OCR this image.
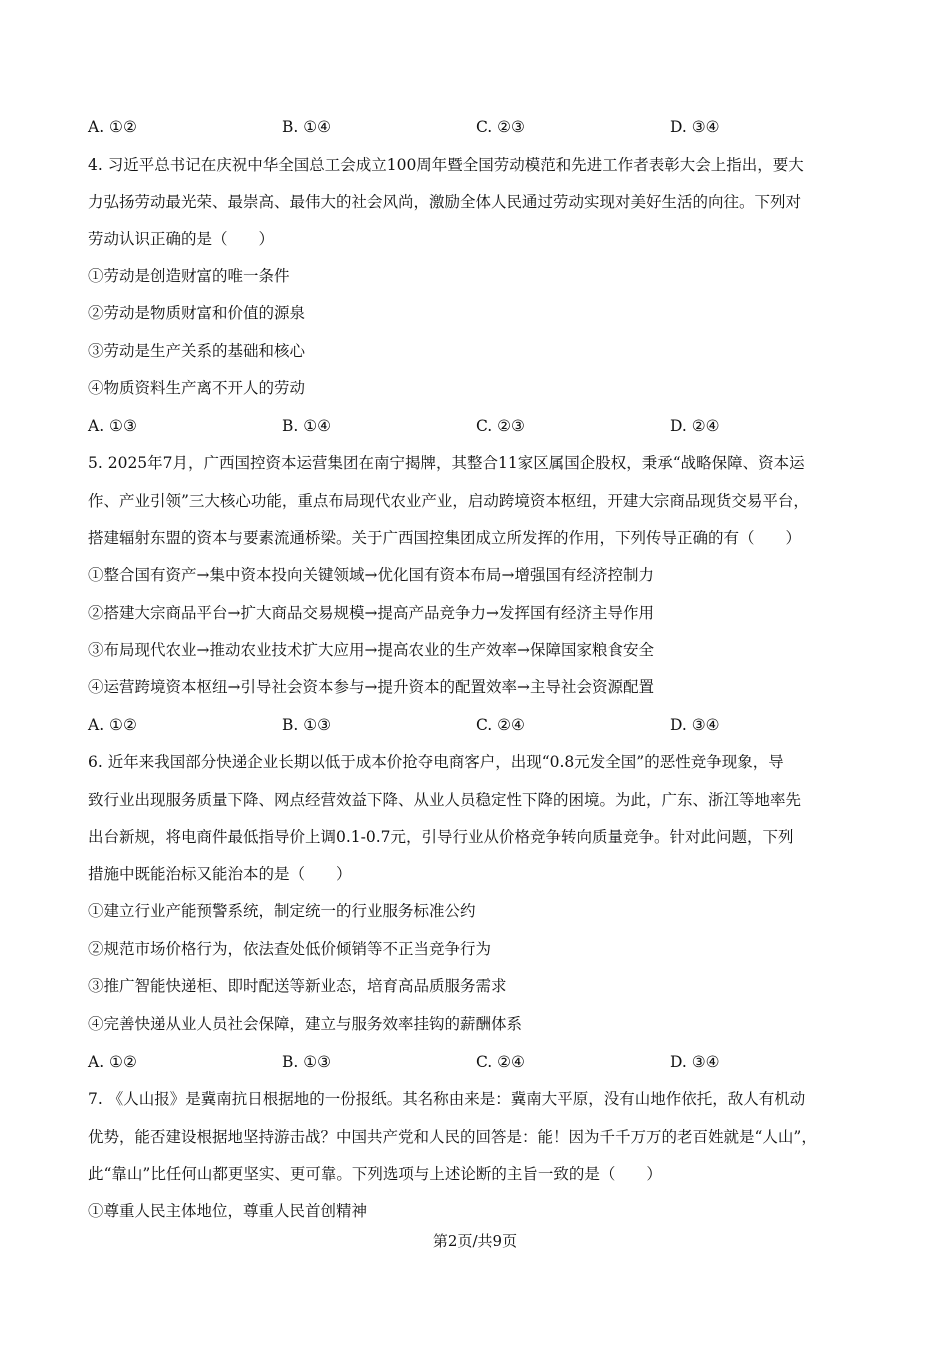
A. ①②	B. ①④	C. ②③	D. ③④
4. 习近平总书记在庆祝中华全国总工会成立100周年暨全国劳动模范和先进工作者表彰大会上指出，要大
力弘扬劳动最光荣、最崇高、最伟大的社会风尚，激励全体人民通过劳动实现对美好生活的向往。下列对
劳动认识正确的是（　　）
①劳动是创造财富的唯一条件
②劳动是物质财富和价值的源泉
③劳动是生产关系的基础和核心
④物质资料生产离不开人的劳动
A. ①③	B. ①④	C. ②③	D. ②④
5. 2025年7月，广西国控资本运营集团在南宁揭牌，其整合11家区属国企股权，秉承“战略保障、资本运
作、产业引领”三大核心功能，重点布局现代农业产业，启动跨境资本枢纽，开建大宗商品现货交易平台，
搭建辐射东盟的资本与要素流通桥梁。关于广西国控集团成立所发挥的作用，下列传导正确的有（　　）
①整合国有资产→集中资本投向关键领域→优化国有资本布局→增强国有经济控制力
②搭建大宗商品平台→扩大商品交易规模→提高产品竞争力→发挥国有经济主导作用
③布局现代农业→推动农业技术扩大应用→提高农业的生产效率→保障国家粮食安全
④运营跨境资本枢纽→引导社会资本参与→提升资本的配置效率→主导社会资源配置
A. ①②	B. ①③	C. ②④	D. ③④
6. 近年来我国部分快递企业长期以低于成本价抢夺电商客户，出现“0.8元发全国”的恶性竞争现象，导
致行业出现服务质量下降、网点经营效益下降、从业人员稳定性下降的困境。为此，广东、浙江等地率先
出台新规，将电商件最低指导价上调0.1-0.7元，引导行业从价格竞争转向质量竞争。针对此问题，下列
措施中既能治标又能治本的是（　　）
①建立行业产能预警系统，制定统一的行业服务标准公约
②规范市场价格行为，依法查处低价倾销等不正当竞争行为
③推广智能快递柜、即时配送等新业态，培育高品质服务需求
④完善快递从业人员社会保障，建立与服务效率挂钩的薪酬体系
A. ①②	B. ①③	C. ②④	D. ③④
7. 《人山报》是冀南抗日根据地的一份报纸。其名称由来是：冀南大平原，没有山地作依托，敌人有机动
优势，能否建设根据地坚持游击战？中国共产党和人民的回答是：能！因为千千万万的老百姓就是“人山”，
此“靠山”比任何山都更坚实、更可靠。下列选项与上述论断的主旨一致的是（　　）
①尊重人民主体地位，尊重人民首创精神
第2页/共9页
